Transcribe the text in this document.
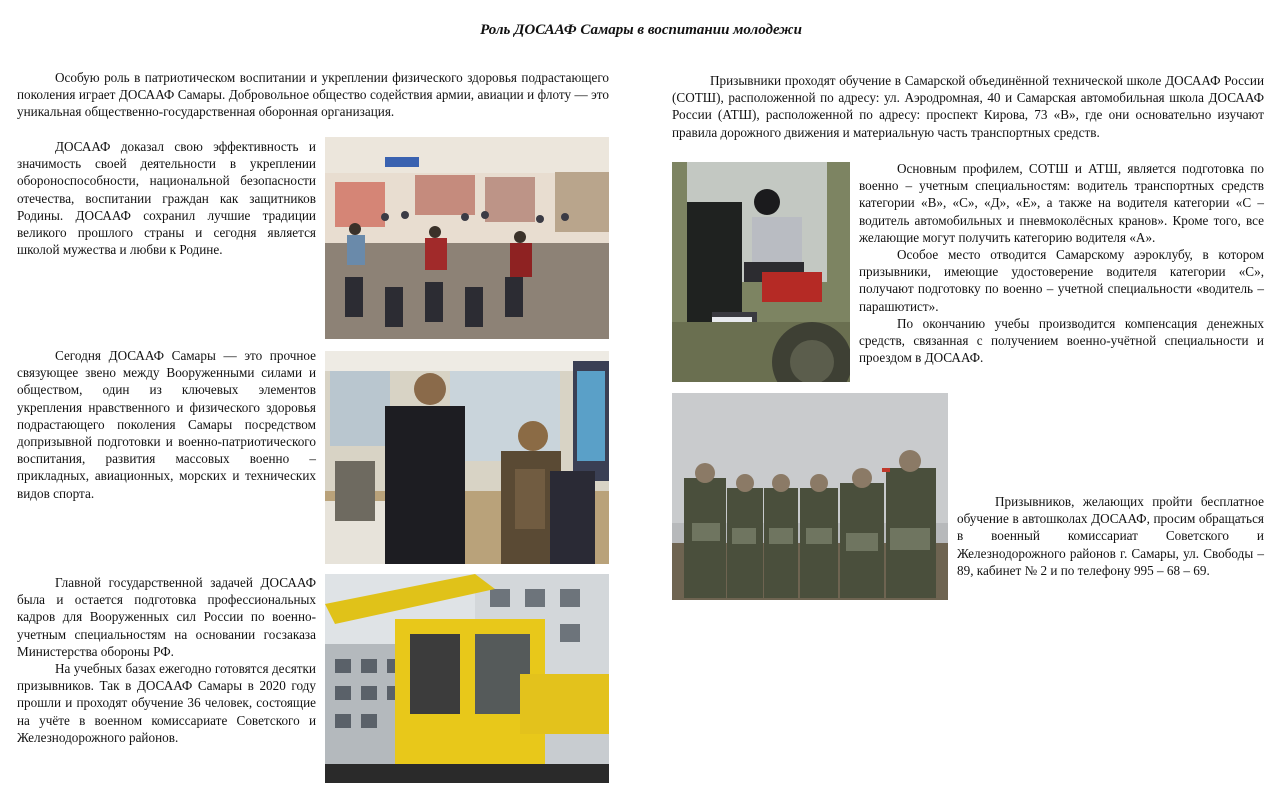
Роль ДОСААФ Самары в воспитании молодежи

Особую роль в патриотическом воспитании и укреплении физического здоровья подрастающего поколения играет ДОСААФ Самары. Добровольное общество содействия армии, авиации и флоту — это уникальная общественно-государственная оборонная организация.

ДОСААФ доказал свою эффективность и значимость своей деятельности в укреплении обороноспособности, национальной безопасности отечества, воспитании граждан как защитников Родины. ДОСААФ сохранил лучшие традиции великого прошлого страны и сегодня является школой мужества и любви к Родине.

Сегодня ДОСААФ Самары — это прочное связующее звено между Вооруженными силами и обществом, один из ключевых элементов укрепления нравственного и физического здоровья подрастающего поколения Самары посредством допризывной подготовки и военно-патриотического воспитания, развития массовых военно – прикладных, авиационных, морских и технических видов спорта.

Главной государственной задачей ДОСААФ была и остается подготовка профессиональных кадров для Вооруженных сил России по военно-учетным специальностям на основании госзаказа Министерства обороны РФ.

На учебных базах ежегодно готовятся десятки призывников. Так в ДОСААФ Самары в 2020 году прошли и проходят обучение 36 человек, состоящие на учёте в военном комиссариате Советского и Железнодорожного районов.

Призывники проходят обучение в Самарской объединённой технической школе ДОСААФ России (СОТШ), расположенной по адресу: ул. Аэродромная, 40 и Самарская автомобильная школа ДОСААФ России (АТШ), расположенной по адресу: проспект Кирова, 73 «В», где они основательно изучают правила дорожного движения и материальную часть транспортных средств.

Основным профилем, СОТШ и АТШ, является подготовка по военно – учетным специальностям: водитель транспортных средств категории «В», «С», «Д», «Е», а также на водителя категории «С – водитель автомобильных и пневмоколёсных кранов». Кроме того, все желающие могут получить категорию водителя «А».

Особое место отводится Самарскому аэроклубу, в котором призывники, имеющие удостоверение водителя категории «С», получают подготовку по военно – учетной специальности «водитель – парашютист».

По окончанию учебы производится компенсация денежных средств, связанная с получением военно-учётной специальности и проездом в ДОСААФ.

Призывников, желающих пройти бесплатное обучение в автошколах ДОСААФ, просим обращаться в военный комиссариат Советского и Железнодорожного районов г. Самары, ул. Свободы – 89, кабинет № 2 и по телефону 995 – 68 – 69.
